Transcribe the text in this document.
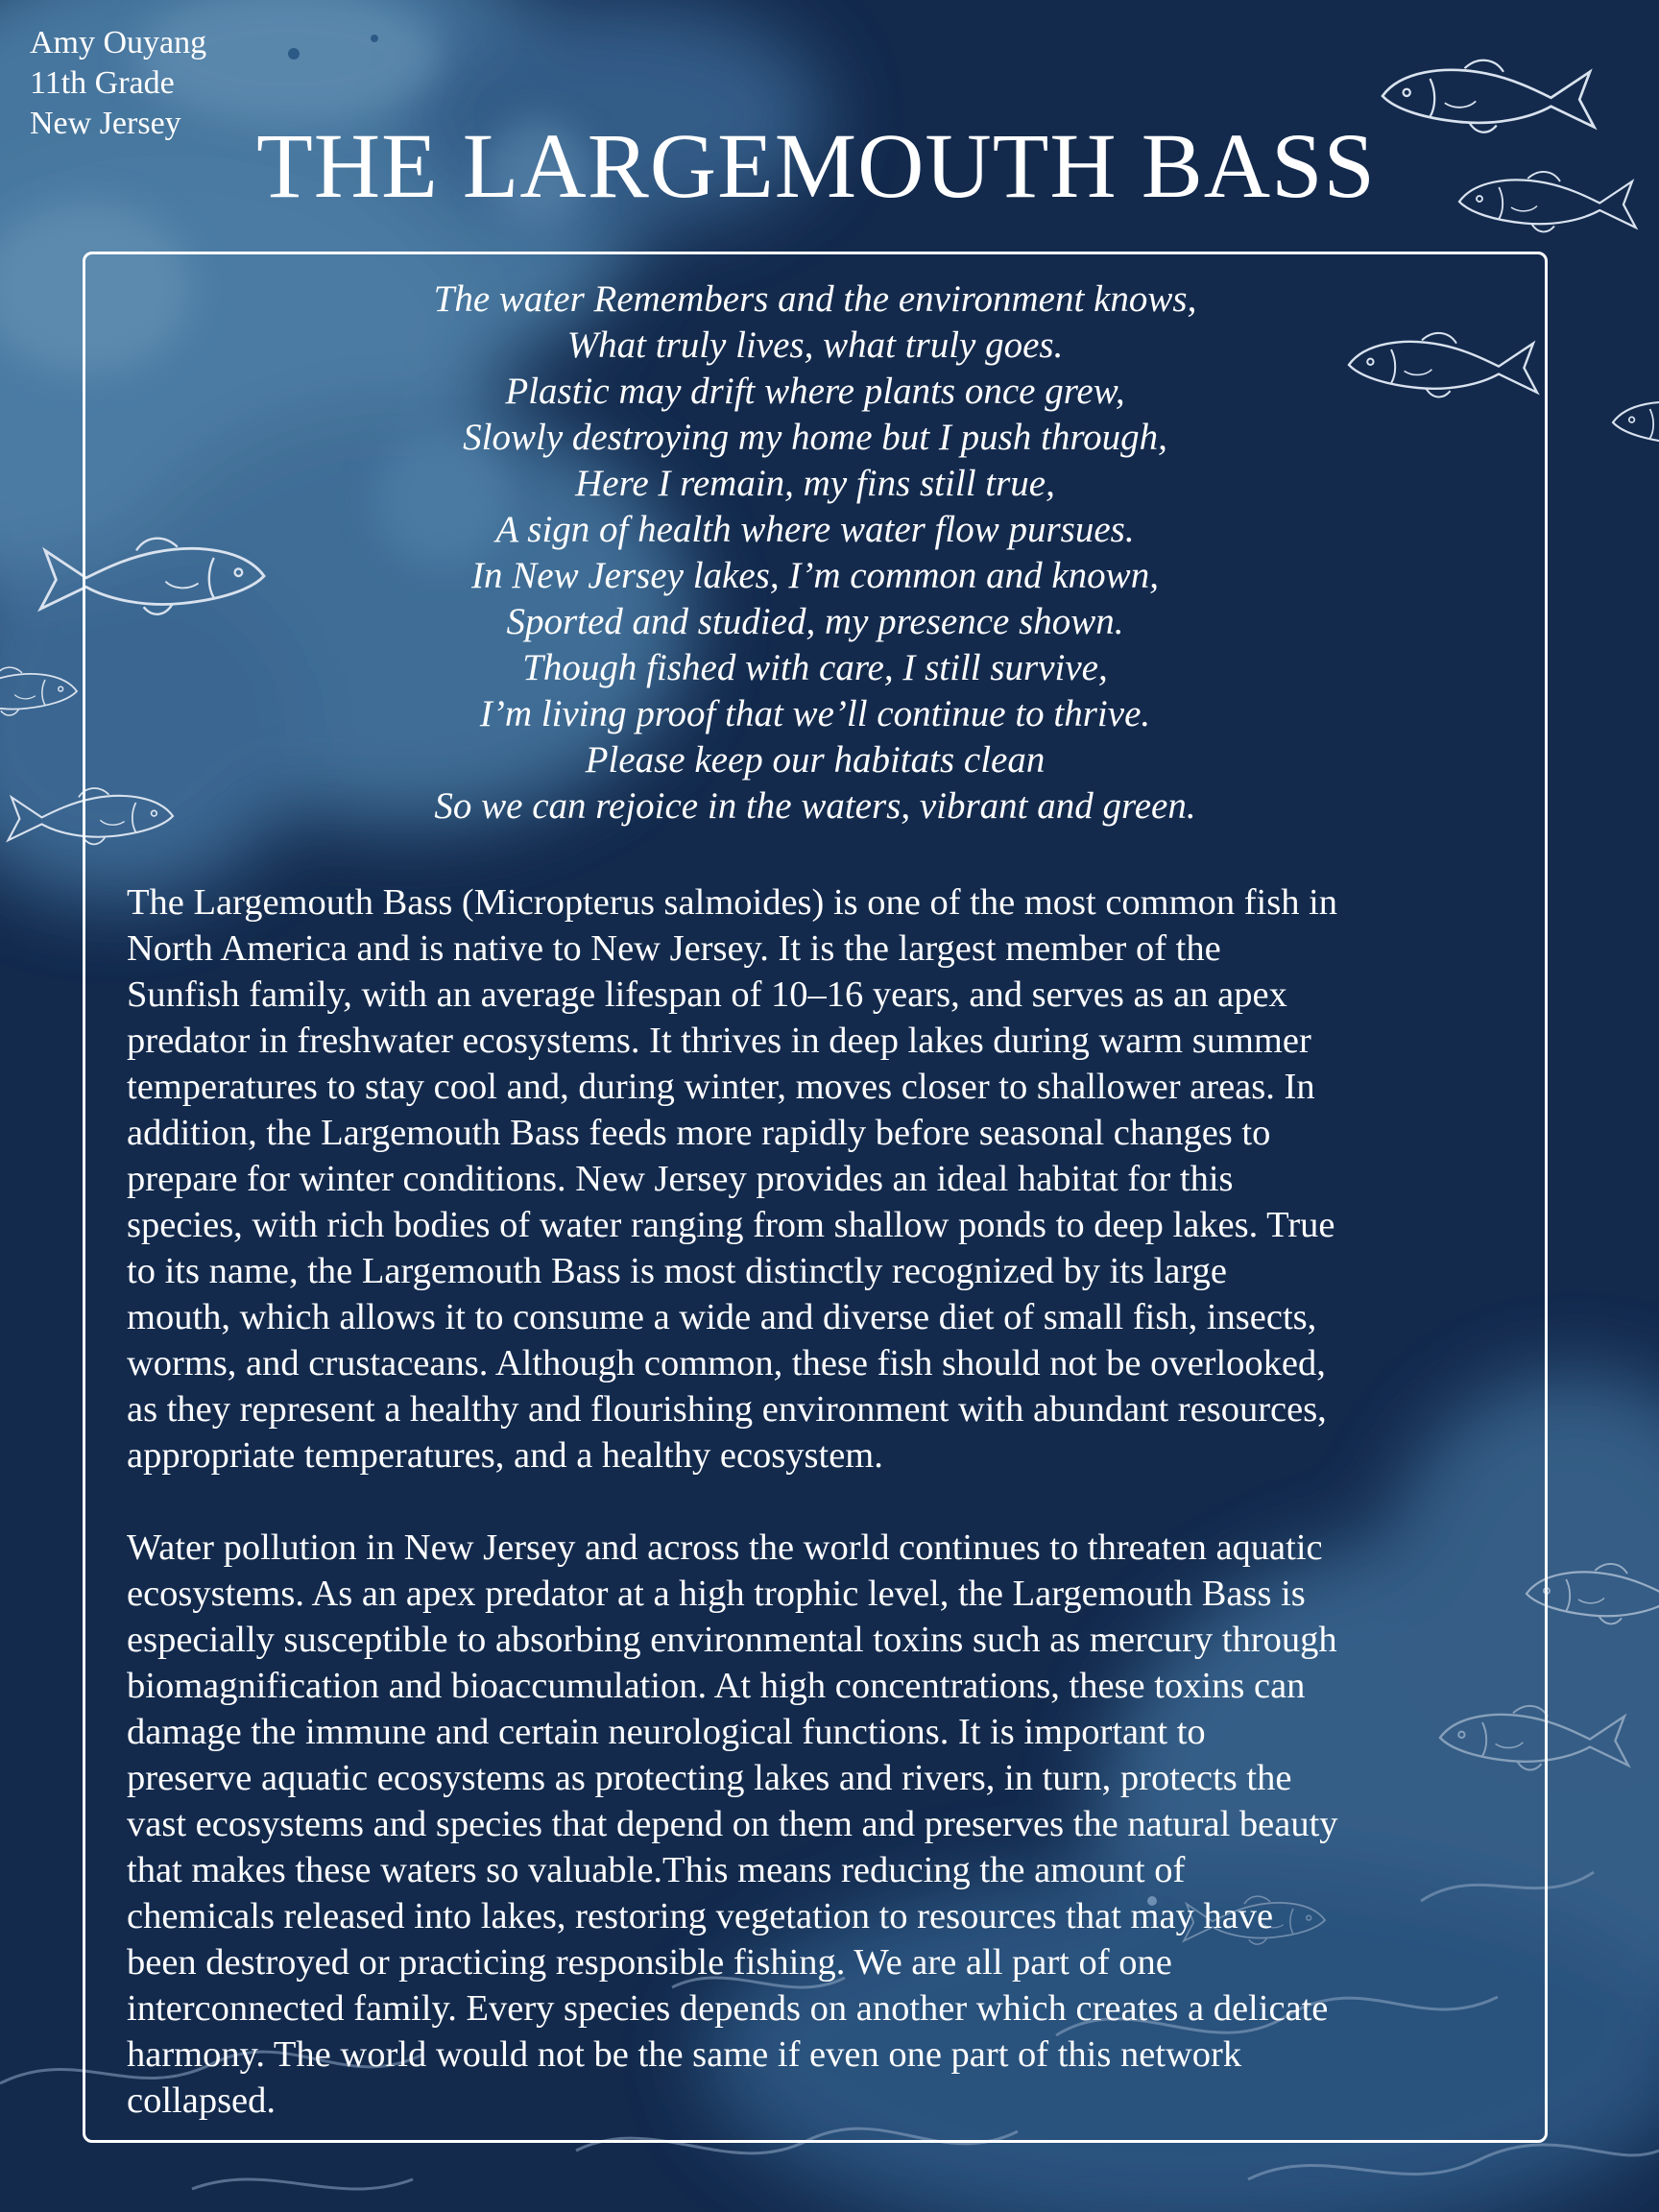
Amy Ouyang
11th Grade
New Jersey THE LARGEMOUTH BASS
The water Remembers and the environment knows,
What truly lives, what truly goes.
Plastic may drift where plants once grew,
Slowly destroying my home but I push through,
Here I remain, my fins still true,
A sign of health where water flow pursues.
In New Jersey lakes, I’m common and known,
Sported and studied, my presence shown.
Though fished with care, I still survive,
I’m living proof that we’ll continue to thrive.
Please keep our habitats clean
So we can rejoice in the waters, vibrant and green.
The Largemouth Bass (Micropterus salmoides) is one of the most common fish in
North America and is native to New Jersey. It is the largest member of the
Sunfish family, with an average lifespan of 10–16 years, and serves as an apex
predator in freshwater ecosystems. It thrives in deep lakes during warm summer
temperatures to stay cool and, during winter, moves closer to shallower areas. In
addition, the Largemouth Bass feeds more rapidly before seasonal changes to
prepare for winter conditions. New Jersey provides an ideal habitat for this
species, with rich bodies of water ranging from shallow ponds to deep lakes. True
to its name, the Largemouth Bass is most distinctly recognized by its large
mouth, which allows it to consume a wide and diverse diet of small fish, insects,
worms, and crustaceans. Although common, these fish should not be overlooked,
as they represent a healthy and flourishing environment with abundant resources,
appropriate temperatures, and a healthy ecosystem.
Water pollution in New Jersey and across the world continues to threaten aquatic
ecosystems. As an apex predator at a high trophic level, the Largemouth Bass is
especially susceptible to absorbing environmental toxins such as mercury through
biomagnification and bioaccumulation. At high concentrations, these toxins can
damage the immune and certain neurological functions. It is important to
preserve aquatic ecosystems as protecting lakes and rivers, in turn, protects the
vast ecosystems and species that depend on them and preserves the natural beauty
that makes these waters so valuable.This means reducing the amount of
chemicals released into lakes, restoring vegetation to resources that may have
been destroyed or practicing responsible fishing. We are all part of one
interconnected family. Every species depends on another which creates a delicate
harmony. The world would not be the same if even one part of this network
collapsed.
